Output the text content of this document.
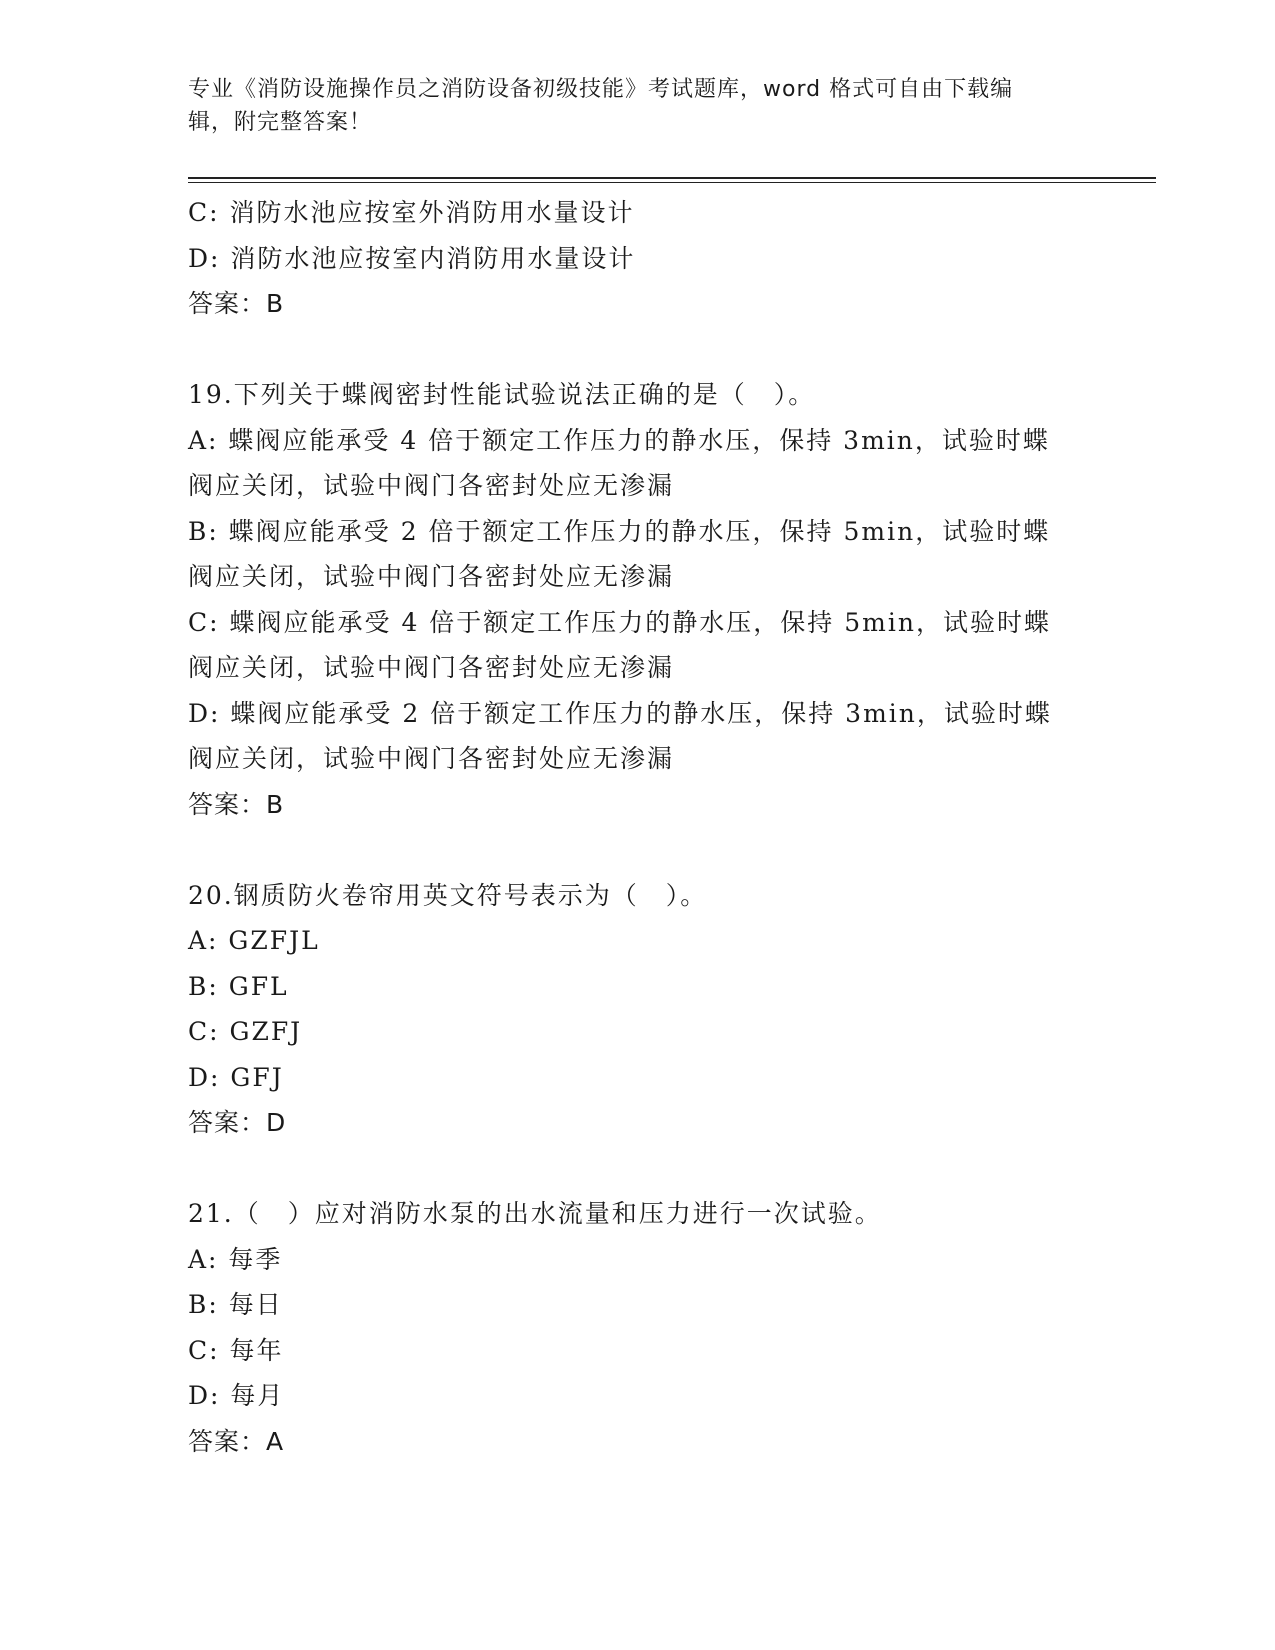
专业《消防设施操作员之消防设备初级技能》考试题库，word 格式可自由下载编
辑，附完整答案！
C: 消防水池应按室外消防用水量设计
D: 消防水池应按室内消防用水量设计
答案：B
19.下列关于蝶阀密封性能试验说法正确的是（　）。
A: 蝶阀应能承受 4 倍于额定工作压力的静水压，保持 3min，试验时蝶
阀应关闭，试验中阀门各密封处应无渗漏
B: 蝶阀应能承受 2 倍于额定工作压力的静水压，保持 5min，试验时蝶
阀应关闭，试验中阀门各密封处应无渗漏
C: 蝶阀应能承受 4 倍于额定工作压力的静水压，保持 5min，试验时蝶
阀应关闭，试验中阀门各密封处应无渗漏
D: 蝶阀应能承受 2 倍于额定工作压力的静水压，保持 3min，试验时蝶
阀应关闭，试验中阀门各密封处应无渗漏
答案：B
20.钢质防火卷帘用英文符号表示为（　）。
A: GZFJL
B: GFL
C: GZFJ
D: GFJ
答案：D
21.（　）应对消防水泵的出水流量和压力进行一次试验。
A: 每季
B: 每日
C: 每年
D: 每月
答案：A
